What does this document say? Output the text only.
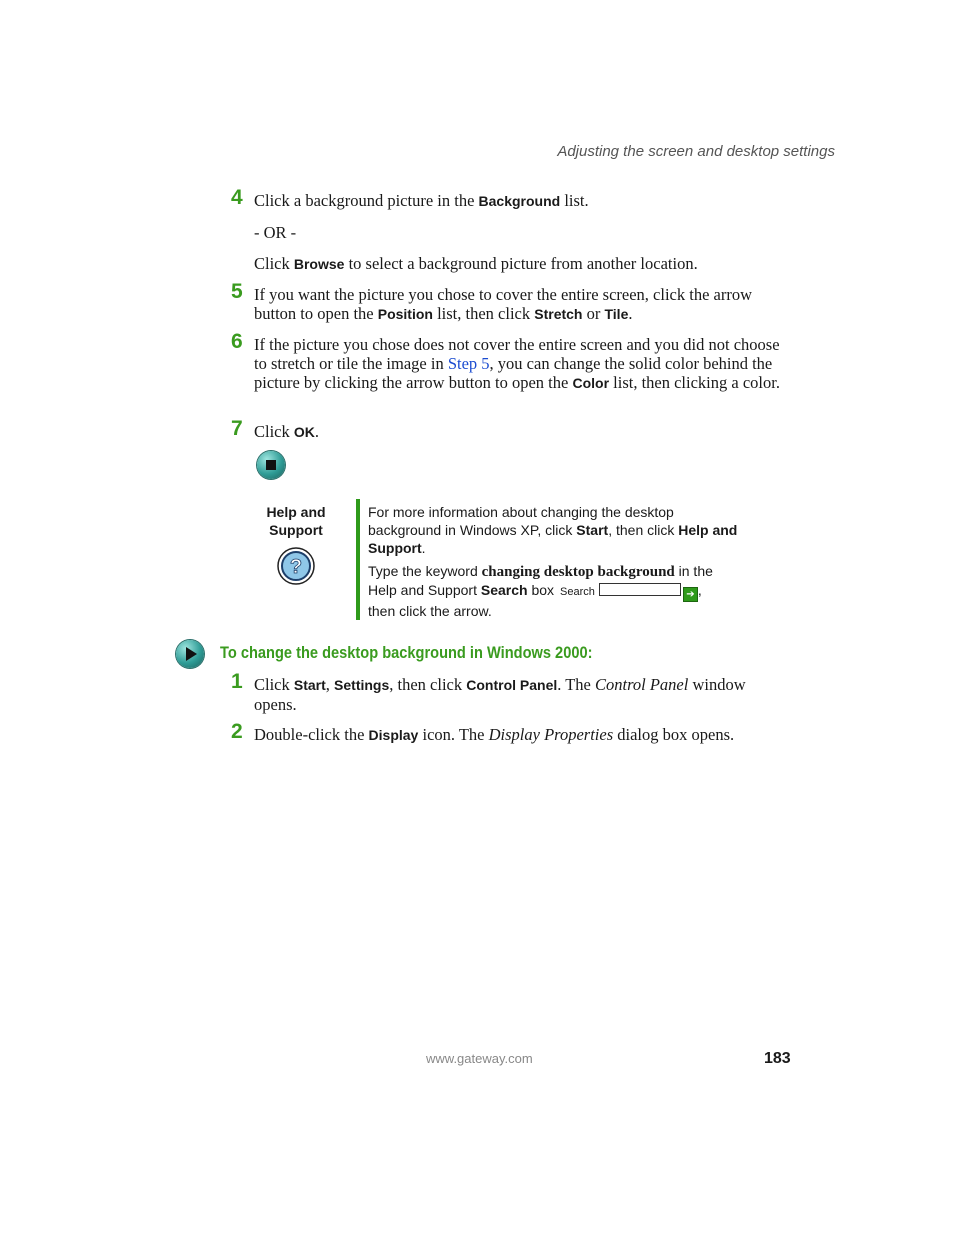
Adjusting the screen and desktop settings
4 Click a background picture in the Background list.
- OR -
Click Browse to select a background picture from another location.
5 If you want the picture you chose to cover the entire screen, click the arrow button to open the Position list, then click Stretch or Tile.
6 If the picture you chose does not cover the entire screen and you did not choose to stretch or tile the image in Step 5, you can change the solid color behind the picture by clicking the arrow button to open the Color list, then clicking a color.
7 Click OK.
Help and Support
?

For more information about changing the desktop background in Windows XP, click Start, then click Help and Support.

Type the keyword changing desktop background in the Help and Support Search box Search	➔ ,
then click the arrow.

To change the desktop background in Windows 2000:
1 Click Start, Settings, then click Control Panel. The Control Panel window opens.
2 Double-click the Display icon. The Display Properties dialog box opens.
www.gateway.com	183
